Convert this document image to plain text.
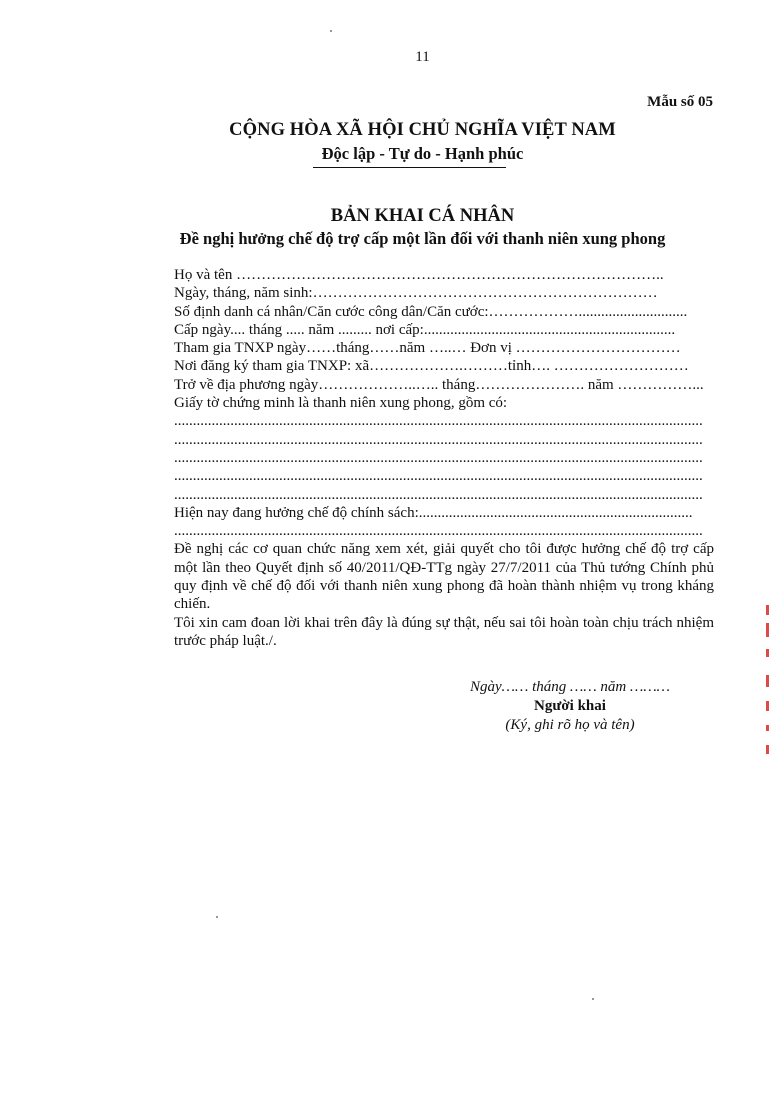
11
Mẫu số 05
CỘNG HÒA XÃ HỘI CHỦ NGHĨA VIỆT NAM
Độc lập - Tự do - Hạnh phúc
BẢN KHAI CÁ NHÂN
Đề nghị hưởng chế độ trợ cấp một lần đối với thanh niên xung phong
Họ và tên …………………………………………………………………………..
Ngày, tháng, năm sinh:……………………………………………………………
Số định danh cá nhân/Căn cước công dân/Căn cước:……………….............................
Cấp ngày.... tháng ..... năm ......... nơi cấp:...................................................................
Tham gia TNXP ngày……tháng……năm …..… Đơn vị ……………………………
Nơi đăng ký tham gia TNXP: xã……………….………tỉnh…. ………………………
Trở về địa phương ngày………………..….. tháng…………………. năm ……………...
Giấy tờ chứng minh là thanh niên xung phong, gồm có:
.............................................................................................................................................
.............................................................................................................................................
.............................................................................................................................................
.............................................................................................................................................
.............................................................................................................................................
Hiện nay đang hưởng chế độ chính sách:.........................................................................
.............................................................................................................................................
Đề nghị các cơ quan chức năng xem xét, giải quyết cho tôi được hưởng chế độ trợ cấp một lần theo Quyết định số 40/2011/QĐ-TTg ngày 27/7/2011 của Thủ tướng Chính phủ quy định về chế độ đối với thanh niên xung phong đã hoàn thành nhiệm vụ trong kháng chiến.
Tôi xin cam đoan lời khai trên đây là đúng sự thật, nếu sai tôi hoàn toàn chịu trách nhiệm trước pháp luật./.
Ngày…… tháng …… năm ………
Người khai
(Ký, ghi rõ họ và tên)
